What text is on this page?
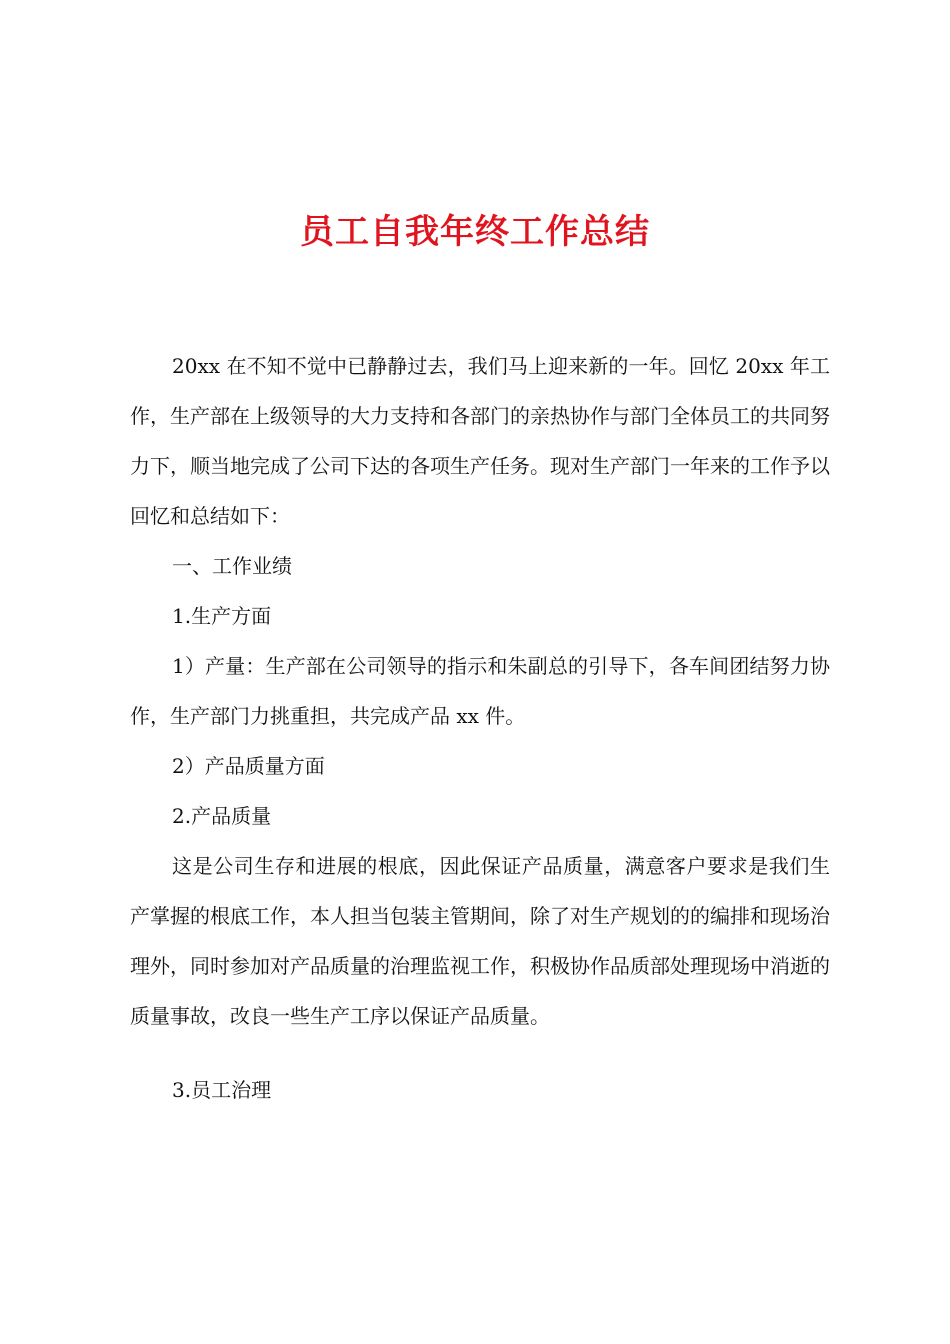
员工自我年终工作总结

20xx 在不知不觉中已静静过去，我们马上迎来新的一年。回忆 20xx 年工作，生产部在上级领导的大力支持和各部门的亲热协作与部门全体员工的共同努力下，顺当地完成了公司下达的各项生产任务。现对生产部门一年来的工作予以回忆和总结如下：

一、工作业绩

1.生产方面

1）产量：生产部在公司领导的指示和朱副总的引导下，各车间团结努力协作，生产部门力挑重担，共完成产品 xx 件。

2）产品质量方面

2.产品质量

这是公司生存和进展的根底，因此保证产品质量，满意客户要求是我们生产掌握的根底工作，本人担当包装主管期间，除了对生产规划的的编排和现场治理外，同时参加对产品质量的治理监视工作，积极协作品质部处理现场中消逝的质量事故，改良一些生产工序以保证产品质量。

3.员工治理
